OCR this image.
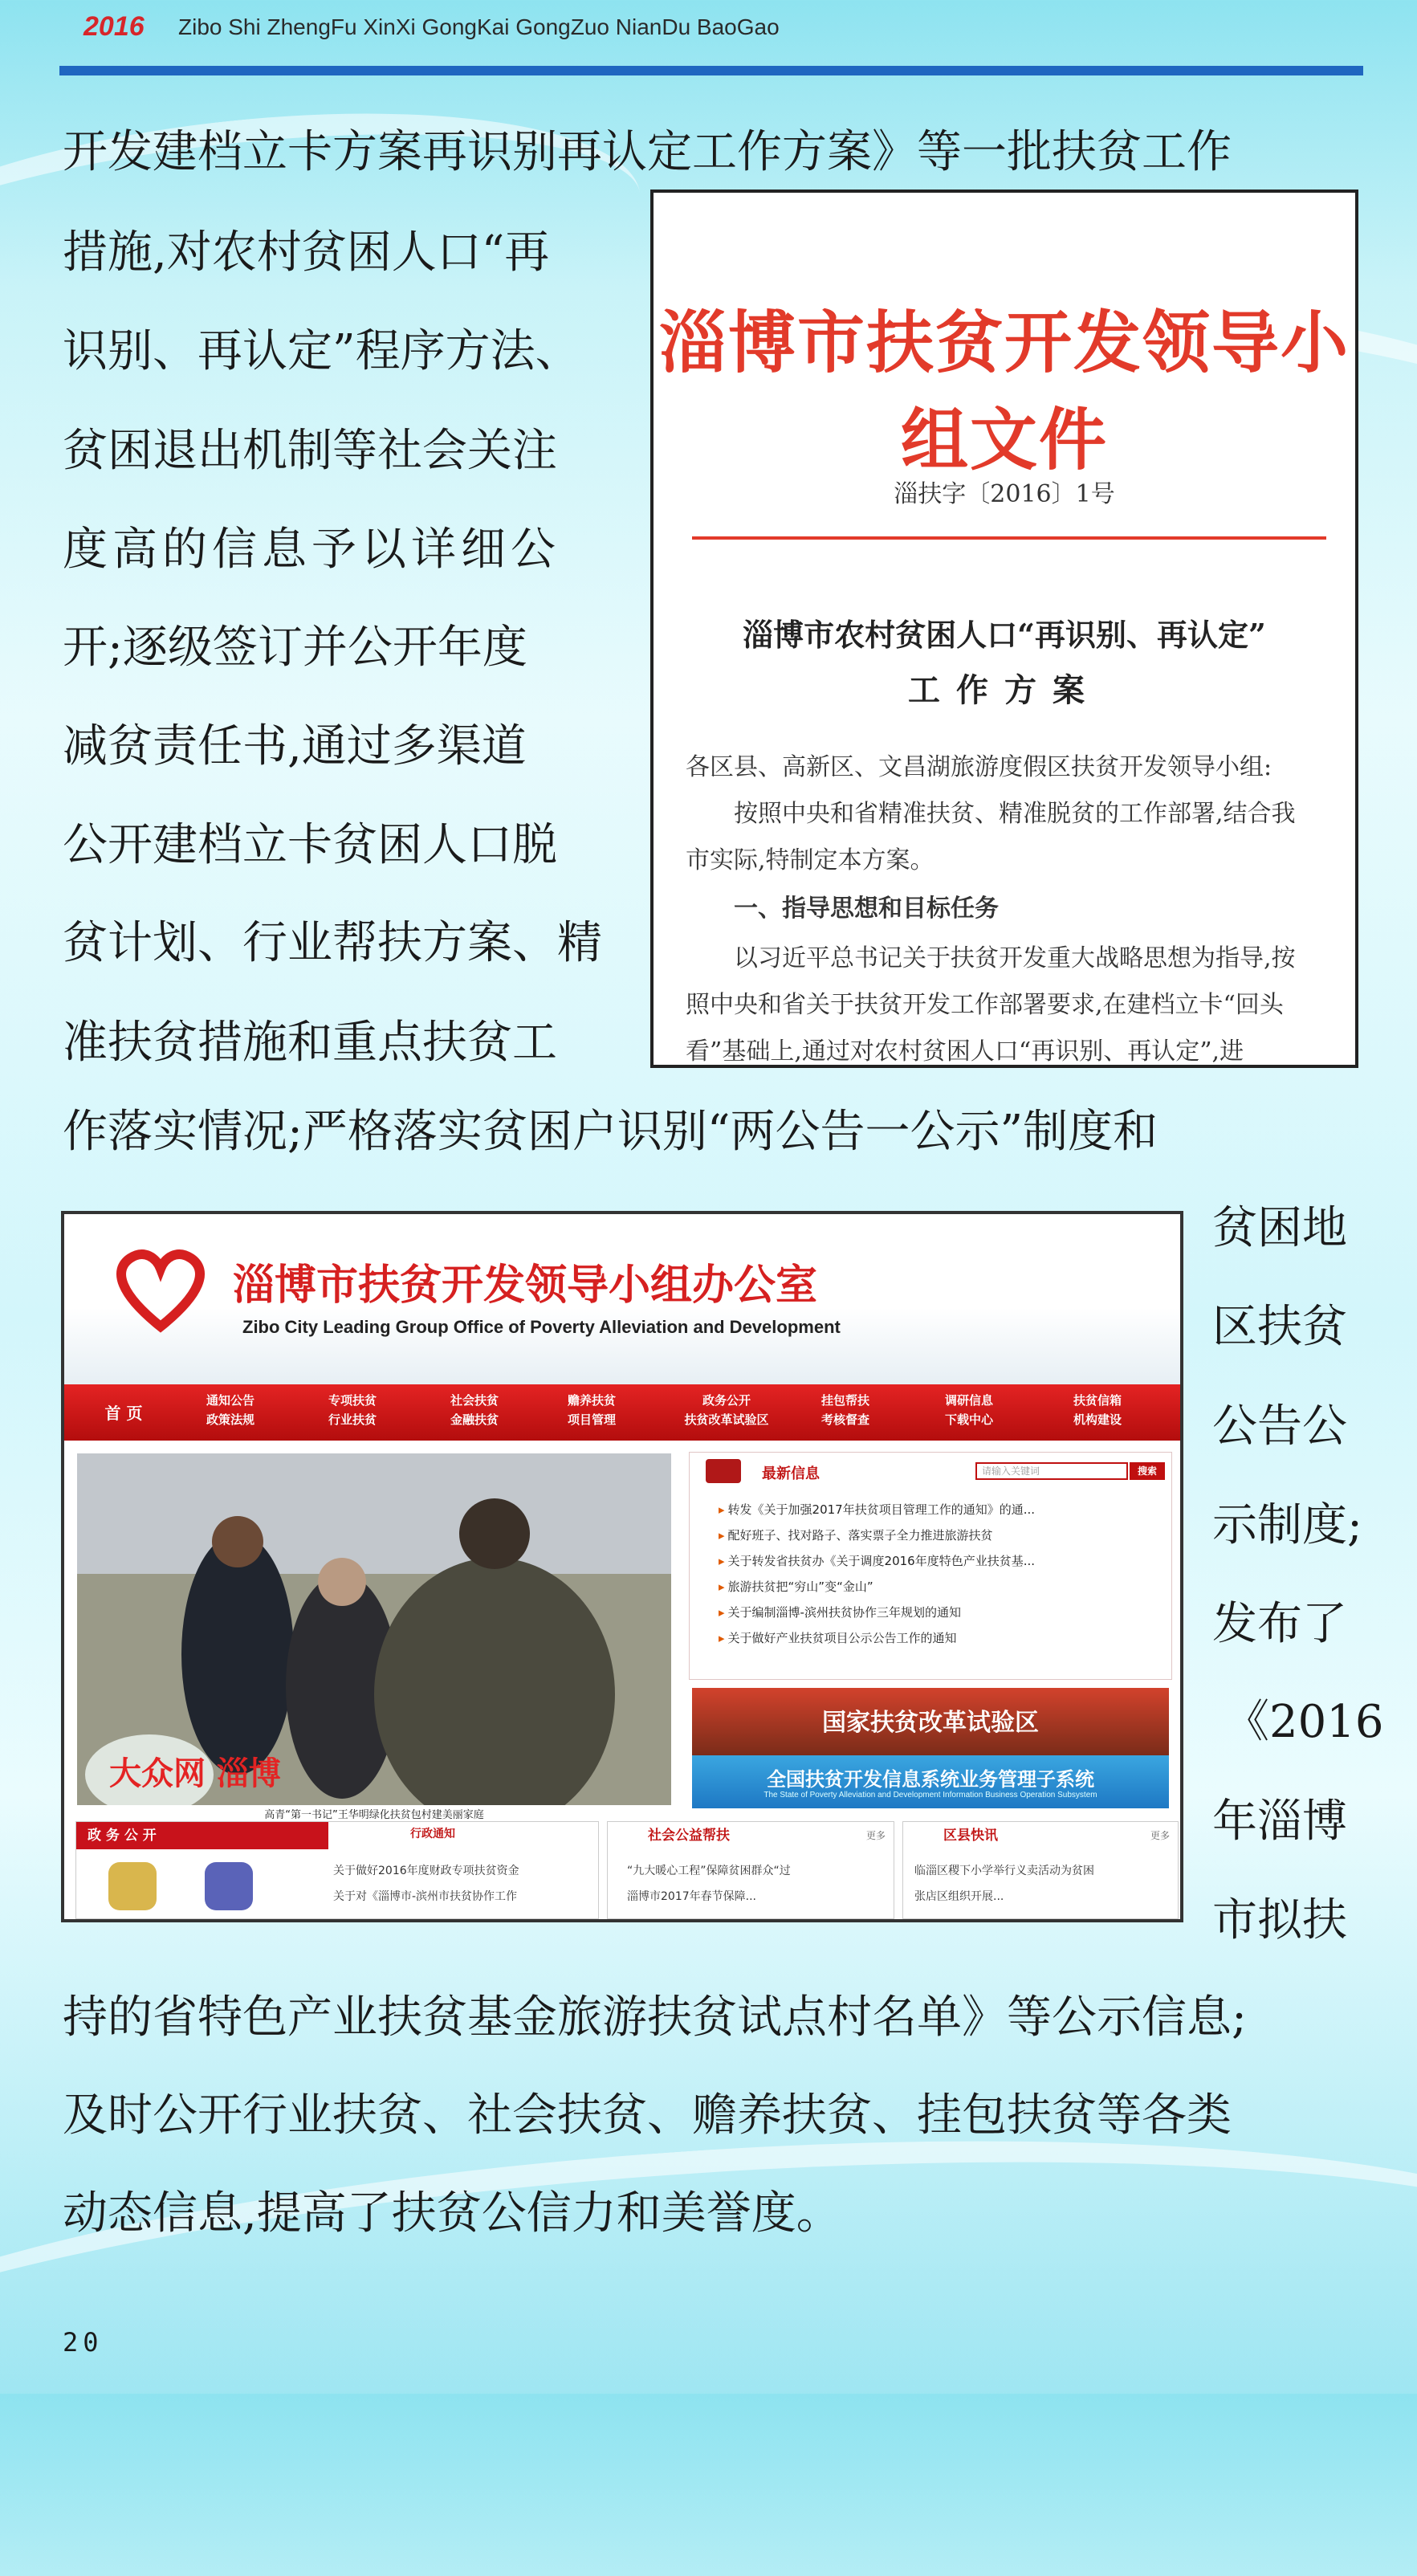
2016 Zibo Shi ZhengFu XinXi GongKai GongZuo NianDu BaoGao
开发建档立卡方案再识别再认定工作方案》等一批扶贫工作
措施,对农村贫困人口“再
识别、再认定”程序方法、
贫困退出机制等社会关注
度高的信息予以详细公
开;逐级签订并公开年度
减贫责任书,通过多渠道
公开建档立卡贫困人口脱
贫计划、行业帮扶方案、精
准扶贫措施和重点扶贫工
作落实情况;严格落实贫困户识别“两公告一公示”制度和
贫困地
区扶贫
公告公
示制度;
发布了
《2016
年淄博
市拟扶
持的省特色产业扶贫基金旅游扶贫试点村名单》等公示信息;
及时公开行业扶贫、社会扶贫、赡养扶贫、挂包扶贫等各类
动态信息,提高了扶贫公信力和美誉度。
20
淄博市扶贫开发领导小组文件
淄扶字〔2016〕1号
淄博市农村贫困人口“再识别、再认定”
工作方案
各区县、高新区、文昌湖旅游度假区扶贫开发领导小组:
按照中央和省精准扶贫、精准脱贫的工作部署,结合我
市实际,特制定本方案。
一、指导思想和目标任务
以习近平总书记关于扶贫开发重大战略思想为指导,按
照中央和省关于扶贫开发工作部署要求,在建档立卡“回头
看”基础上,通过对农村贫困人口“再识别、再认定”,进
淄博市扶贫开发领导小组办公室
Zibo City Leading Group Office of Poverty Alleviation and Development
首 页
通知公告
政策法规
专项扶贫
行业扶贫
社会扶贫
金融扶贫
赡养扶贫
项目管理
政务公开
扶贫改革试验区
挂包帮扶
考核督查
调研信息
下载中心
扶贫信箱
机构建设
大众网 淄博
高青“第一书记”王华明绿化扶贫包村建美丽家庭
最新信息	请输入关键词	搜索
▸ 转发《关于加强2017年扶贫项目管理工作的通知》的通...
▸ 配好班子、找对路子、落实票子全力推进旅游扶贫
▸ 关于转发省扶贫办《关于调度2016年度特色产业扶贫基...
▸ 旅游扶贫把“穷山”变“金山”
▸ 关于编制淄博-滨州扶贫协作三年规划的通知
▸ 关于做好产业扶贫项目公示公告工作的通知
国家扶贫改革试验区
全国扶贫开发信息系统业务管理子系统
The State of Poverty Alleviation and Development Information Business Operation Subsystem
政 务 公 开	行政通知
关于做好2016年度财政专项扶贫资金
关于对《淄博市-滨州市扶贫协作工作
社会公益帮扶	更多
“九大暖心工程”保障贫困群众“过
淄博市2017年春节保障...
区县快讯	更多
临淄区稷下小学举行义卖活动为贫困
张店区组织开展...
